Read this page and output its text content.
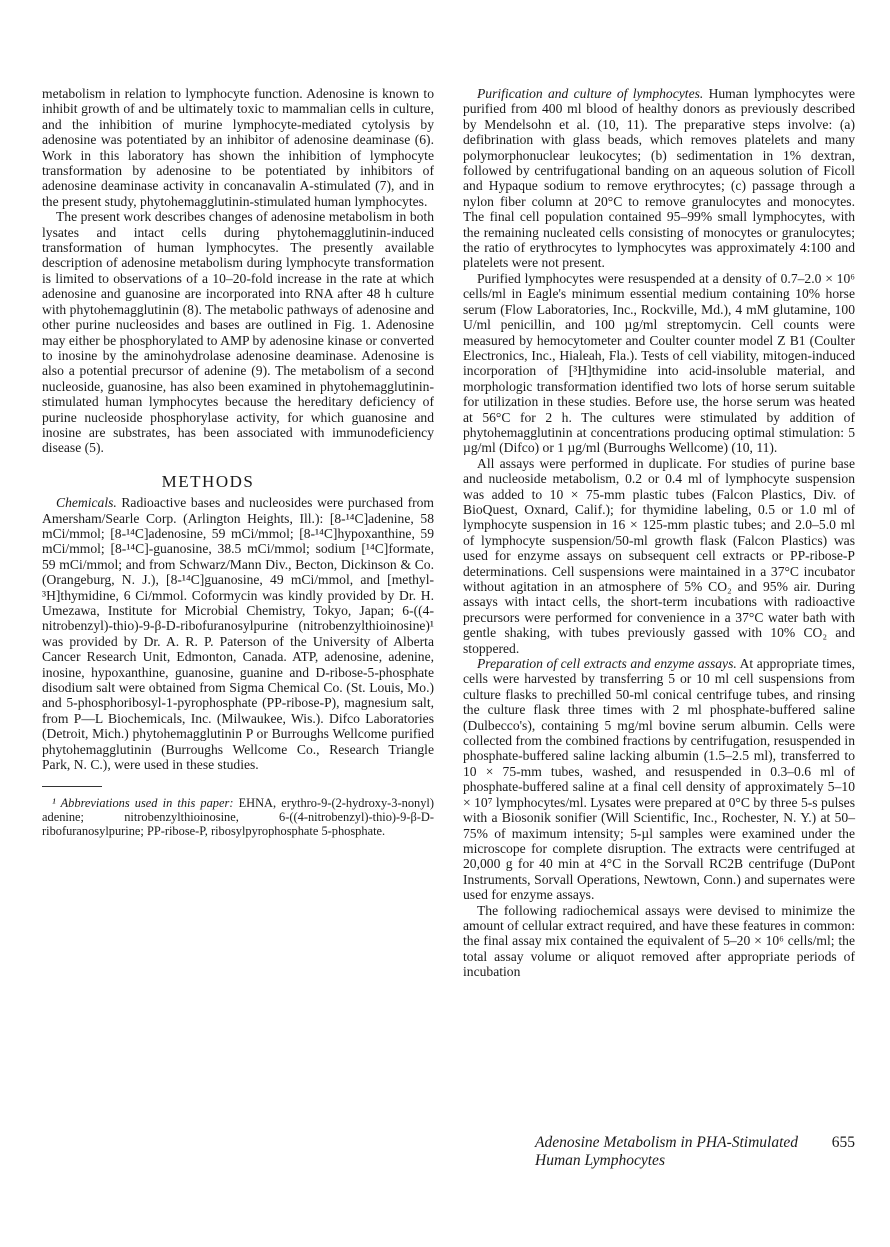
metabolism in relation to lymphocyte function. Adenosine is known to inhibit growth of and be ultimately toxic to mammalian cells in culture, and the inhibition of murine lymphocyte-mediated cytolysis by adenosine was potentiated by an inhibitor of adenosine deaminase (6). Work in this laboratory has shown the inhibition of lymphocyte transformation by adenosine to be potentiated by inhibitors of adenosine deaminase activity in concanavalin A-stimulated (7), and in the present study, phytohemagglutinin-stimulated human lymphocytes.

The present work describes changes of adenosine metabolism in both lysates and intact cells during phytohemagglutinin-induced transformation of human lymphocytes. The presently available description of adenosine metabolism during lymphocyte transformation is limited to observations of a 10–20-fold increase in the rate at which adenosine and guanosine are incorporated into RNA after 48 h culture with phytohemagglutinin (8). The metabolic pathways of adenosine and other purine nucleosides and bases are outlined in Fig. 1. Adenosine may either be phosphorylated to AMP by adenosine kinase or converted to inosine by the aminohydrolase adenosine deaminase. Adenosine is also a potential precursor of adenine (9). The metabolism of a second nucleoside, guanosine, has also been examined in phytohemagglutinin-stimulated human lymphocytes because the hereditary deficiency of purine nucleoside phosphorylase activity, for which guanosine and inosine are substrates, has been associated with immunodeficiency disease (5).

METHODS

Chemicals. Radioactive bases and nucleosides were purchased from Amersham/Searle Corp. (Arlington Heights, Ill.): [8-¹⁴C]adenine, 58 mCi/mmol; [8-¹⁴C]adenosine, 59 mCi/mmol; [8-¹⁴C]hypoxanthine, 59 mCi/mmol; [8-¹⁴C]-guanosine, 38.5 mCi/mmol; sodium [¹⁴C]formate, 59 mCi/mmol; and from Schwarz/Mann Div., Becton, Dickinson & Co. (Orangeburg, N. J.), [8-¹⁴C]guanosine, 49 mCi/mmol, and [methyl-³H]thymidine, 6 Ci/mmol. Coformycin was kindly provided by Dr. H. Umezawa, Institute for Microbial Chemistry, Tokyo, Japan; 6-((4-nitrobenzyl)-thio)-9-β-D-ribofuranosylpurine (nitrobenzylthioinosine)¹ was provided by Dr. A. R. P. Paterson of the University of Alberta Cancer Research Unit, Edmonton, Canada. ATP, adenosine, adenine, inosine, hypoxanthine, guanosine, guanine and D-ribose-5-phosphate disodium salt were obtained from Sigma Chemical Co. (St. Louis, Mo.) and 5-phosphoribosyl-1-pyrophosphate (PP-ribose-P), magnesium salt, from P—L Biochemicals, Inc. (Milwaukee, Wis.). Difco Laboratories (Detroit, Mich.) phytohemagglutinin P or Burroughs Wellcome purified phytohemagglutinin (Burroughs Wellcome Co., Research Triangle Park, N. C.), were used in these studies.

¹ Abbreviations used in this paper: EHNA, erythro-9-(2-hydroxy-3-nonyl) adenine; nitrobenzylthioinosine, 6-((4-nitrobenzyl)-thio)-9-β-D-ribofuranosylpurine; PP-ribose-P, ribosylpyrophosphate 5-phosphate.

Purification and culture of lymphocytes. Human lymphocytes were purified from 400 ml blood of healthy donors as previously described by Mendelsohn et al. (10, 11). The preparative steps involve: (a) defibrination with glass beads, which removes platelets and many polymorphonuclear leukocytes; (b) sedimentation in 1% dextran, followed by centrifugational banding on an aqueous solution of Ficoll and Hypaque sodium to remove erythrocytes; (c) passage through a nylon fiber column at 20°C to remove granulocytes and monocytes. The final cell population contained 95–99% small lymphocytes, with the remaining nucleated cells consisting of monocytes or granulocytes; the ratio of erythrocytes to lymphocytes was approximately 4:100 and platelets were not present.

Purified lymphocytes were resuspended at a density of 0.7–2.0 × 10⁶ cells/ml in Eagle's minimum essential medium containing 10% horse serum (Flow Laboratories, Inc., Rockville, Md.), 4 mM glutamine, 100 U/ml penicillin, and 100 µg/ml streptomycin. Cell counts were measured by hemocytometer and Coulter counter model Z B1 (Coulter Electronics, Inc., Hialeah, Fla.). Tests of cell viability, mitogen-induced incorporation of [³H]thymidine into acid-insoluble material, and morphologic transformation identified two lots of horse serum suitable for utilization in these studies. Before use, the horse serum was heated at 56°C for 2 h. The cultures were stimulated by addition of phytohemagglutinin at concentrations producing optimal stimulation: 5 µg/ml (Difco) or 1 µg/ml (Burroughs Wellcome) (10, 11).

All assays were performed in duplicate. For studies of purine base and nucleoside metabolism, 0.2 or 0.4 ml of lymphocyte suspension was added to 10 × 75-mm plastic tubes (Falcon Plastics, Div. of BioQuest, Oxnard, Calif.); for thymidine labeling, 0.5 or 1.0 ml of lymphocyte suspension in 16 × 125-mm plastic tubes; and 2.0–5.0 ml of lymphocyte suspension/50-ml growth flask (Falcon Plastics) was used for enzyme assays on subsequent cell extracts or PP-ribose-P determinations. Cell suspensions were maintained in a 37°C incubator without agitation in an atmosphere of 5% CO₂ and 95% air. During assays with intact cells, the short-term incubations with radioactive precursors were performed for convenience in a 37°C water bath with gentle shaking, with tubes previously gassed with 10% CO₂ and stoppered.

Preparation of cell extracts and enzyme assays. At appropriate times, cells were harvested by transferring 5 or 10 ml cell suspensions from culture flasks to prechilled 50-ml conical centrifuge tubes, and rinsing the culture flask three times with 2 ml phosphate-buffered saline (Dulbecco's), containing 5 mg/ml bovine serum albumin. Cells were collected from the combined fractions by centrifugation, resuspended in phosphate-buffered saline lacking albumin (1.5–2.5 ml), transferred to 10 × 75-mm tubes, washed, and resuspended in 0.3–0.6 ml of phosphate-buffered saline at a final cell density of approximately 5–10 × 10⁷ lymphocytes/ml. Lysates were prepared at 0°C by three 5-s pulses with a Biosonik sonifier (Will Scientific, Inc., Rochester, N. Y.) at 50–75% of maximum intensity; 5-µl samples were examined under the microscope for complete disruption. The extracts were centrifuged at 20,000 g for 40 min at 4°C in the Sorvall RC2B centrifuge (DuPont Instruments, Sorvall Operations, Newtown, Conn.) and supernates were used for enzyme assays.

The following radiochemical assays were devised to minimize the amount of cellular extract required, and have these features in common: the final assay mix contained the equivalent of 5–20 × 10⁶ cells/ml; the total assay volume or aliquot removed after appropriate periods of incubation

Adenosine Metabolism in PHA-Stimulated Human Lymphocytes
655
